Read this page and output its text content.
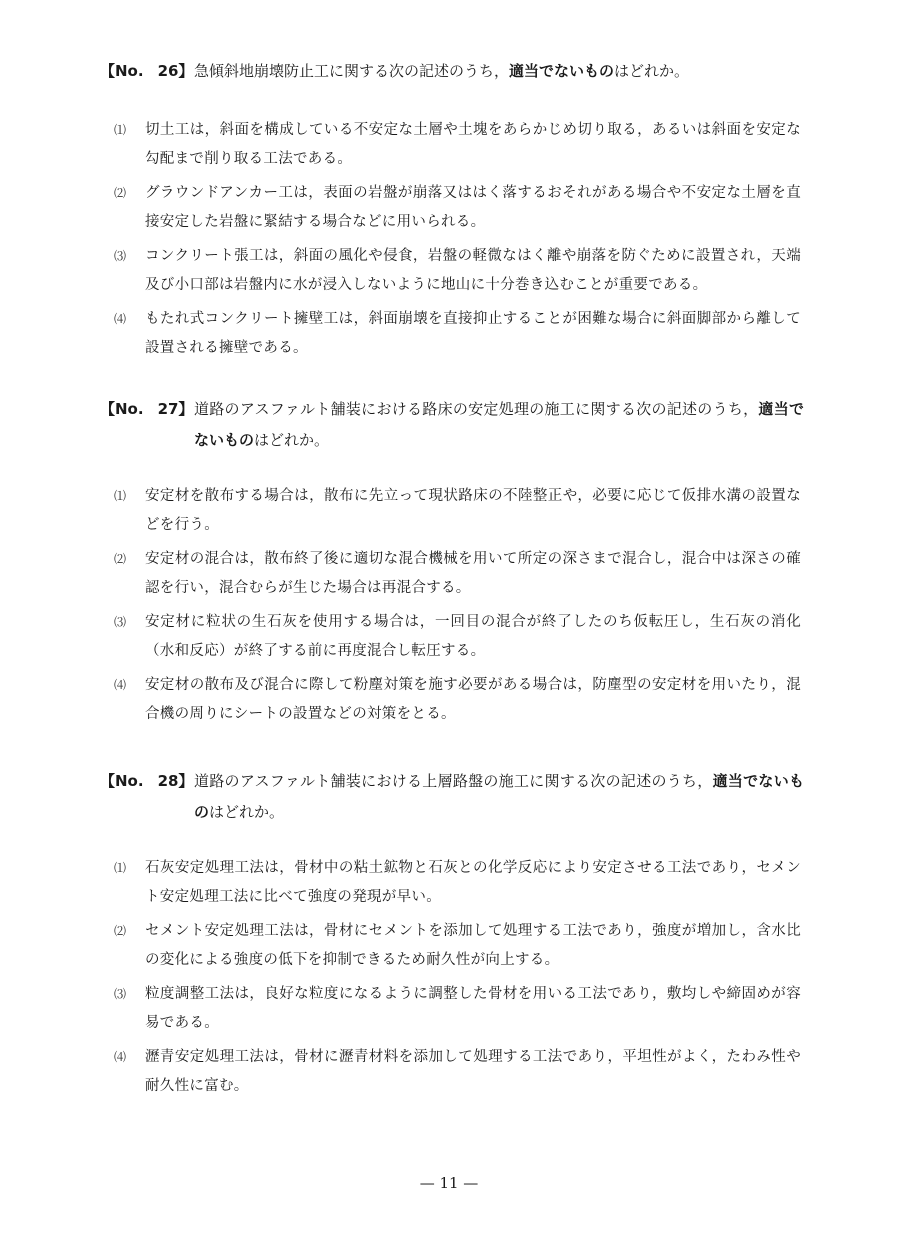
【No. 26】 急傾斜地崩壊防止工に関する次の記述のうち，適当でないものはどれか。
⑴ 切土工は，斜面を構成している不安定な土層や土塊をあらかじめ切り取る，あるいは斜面を安定な勾配まで削り取る工法である。
⑵ グラウンドアンカー工は，表面の岩盤が崩落又ははく落するおそれがある場合や不安定な土層を直接安定した岩盤に緊結する場合などに用いられる。
⑶ コンクリート張工は，斜面の風化や侵食，岩盤の軽微なはく離や崩落を防ぐために設置され，天端及び小口部は岩盤内に水が浸入しないように地山に十分巻き込むことが重要である。
⑷ もたれ式コンクリート擁壁工は，斜面崩壊を直接抑止することが困難な場合に斜面脚部から離して設置される擁壁である。
【No. 27】 道路のアスファルト舗装における路床の安定処理の施工に関する次の記述のうち，適当でないものはどれか。
⑴ 安定材を散布する場合は，散布に先立って現状路床の不陸整正や，必要に応じて仮排水溝の設置などを行う。
⑵ 安定材の混合は，散布終了後に適切な混合機械を用いて所定の深さまで混合し，混合中は深さの確認を行い，混合むらが生じた場合は再混合する。
⑶ 安定材に粒状の生石灰を使用する場合は，一回目の混合が終了したのち仮転圧し，生石灰の消化（水和反応）が終了する前に再度混合し転圧する。
⑷ 安定材の散布及び混合に際して粉塵対策を施す必要がある場合は，防塵型の安定材を用いたり，混合機の周りにシートの設置などの対策をとる。
【No. 28】 道路のアスファルト舗装における上層路盤の施工に関する次の記述のうち，適当でないものはどれか。
⑴ 石灰安定処理工法は，骨材中の粘土鉱物と石灰との化学反応により安定させる工法であり，セメント安定処理工法に比べて強度の発現が早い。
⑵ セメント安定処理工法は，骨材にセメントを添加して処理する工法であり，強度が増加し，含水比の変化による強度の低下を抑制できるため耐久性が向上する。
⑶ 粒度調整工法は，良好な粒度になるように調整した骨材を用いる工法であり，敷均しや締固めが容易である。
⑷ 瀝青安定処理工法は，骨材に瀝青材料を添加して処理する工法であり，平坦性がよく，たわみ性や耐久性に富む。
— 11 —
